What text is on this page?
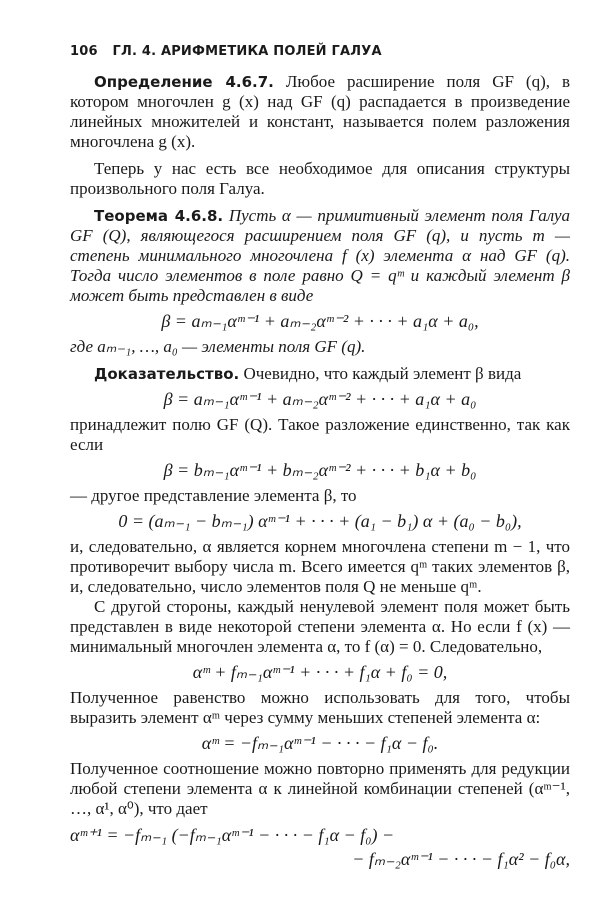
106 ГЛ. 4. АРИФМЕТИКА ПОЛЕЙ ГАЛУА

Определение 4.6.7. Любое расширение поля GF (q), в котором многочлен g (x) над GF (q) распадается в произведение линейных множителей и констант, называется полем разложения многочлена g (x).

Теперь у нас есть все необходимое для описания структуры произвольного поля Галуа.

Теорема 4.6.8. Пусть α — примитивный элемент поля Галуа GF (Q), являющегося расширением поля GF (q), и пусть m — степень минимального многочлена f (x) элемента α над GF (q). Тогда число элементов в поле равно Q = qᵐ и каждый элемент β может быть представлен в виде

β = aₘ₋₁αᵐ⁻¹ + aₘ₋₂αᵐ⁻² + · · · + a₁α + a₀,

где aₘ₋₁, …, a₀ — элементы поля GF (q).

Доказательство. Очевидно, что каждый элемент β вида

β = aₘ₋₁αᵐ⁻¹ + aₘ₋₂αᵐ⁻² + · · · + a₁α + a₀

принадлежит полю GF (Q). Такое разложение единственно, так как если

β = bₘ₋₁αᵐ⁻¹ + bₘ₋₂αᵐ⁻² + · · · + b₁α + b₀

— другое представление элемента β, то

0 = (aₘ₋₁ − bₘ₋₁) αᵐ⁻¹ + · · · + (a₁ − b₁) α + (a₀ − b₀),

и, следовательно, α является корнем многочлена степени m − 1, что противоречит выбору числа m. Всего имеется qᵐ таких элементов β, и, следовательно, число элементов поля Q не меньше qᵐ.

С другой стороны, каждый ненулевой элемент поля может быть представлен в виде некоторой степени элемента α. Но если f (x) — минимальный многочлен элемента α, то f (α) = 0. Следовательно,

αᵐ + fₘ₋₁αᵐ⁻¹ + · · · + f₁α + f₀ = 0,

Полученное равенство можно использовать для того, чтобы выразить элемент αᵐ через сумму меньших степеней элемента α:

αᵐ = −fₘ₋₁αᵐ⁻¹ − · · · − f₁α − f₀.

Полученное соотношение можно повторно применять для редукции любой степени элемента α к линейной комбинации степеней (αᵐ⁻¹, …, α¹, α⁰), что дает

αᵐ⁺¹ = −fₘ₋₁ (−fₘ₋₁αᵐ⁻¹ − · · · − f₁α − f₀) −
− fₘ₋₂αᵐ⁻¹ − · · · − f₁α² − f₀α,
